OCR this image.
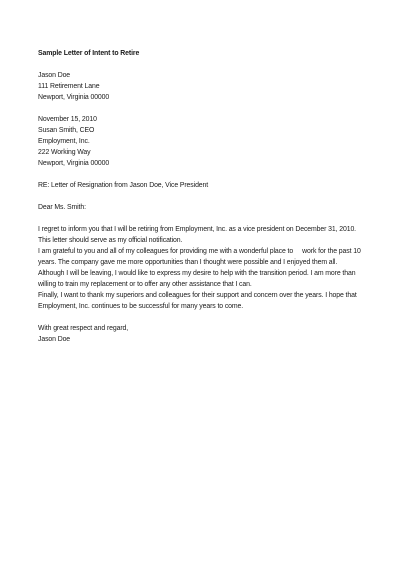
Sample Letter of Intent to Retire
Jason Doe
111 Retirement Lane
Newport, Virginia 00000
November 15, 2010
Susan Smith, CEO
Employment, Inc.
222 Working Way
Newport, Virginia 00000
RE: Letter of Resignation from Jason Doe, Vice President
Dear Ms. Smith:
I regret to inform you that I will be retiring from Employment, Inc. as a vice president on December 31, 2010.
This letter should serve as my official notification.
I am grateful to you and all of my colleagues for providing me with a wonderful place to     work for the past 10
years. The company gave me more opportunities than I thought were possible and I enjoyed them all.
Although I will be leaving, I would like to express my desire to help with the transition period. I am more than
willing to train my replacement or to offer any other assistance that I can.
Finally, I want to thank my superiors and colleagues for their support and concern over the years. I hope that
Employment, Inc. continues to be successful for many years to come.
With great respect and regard,
Jason Doe
